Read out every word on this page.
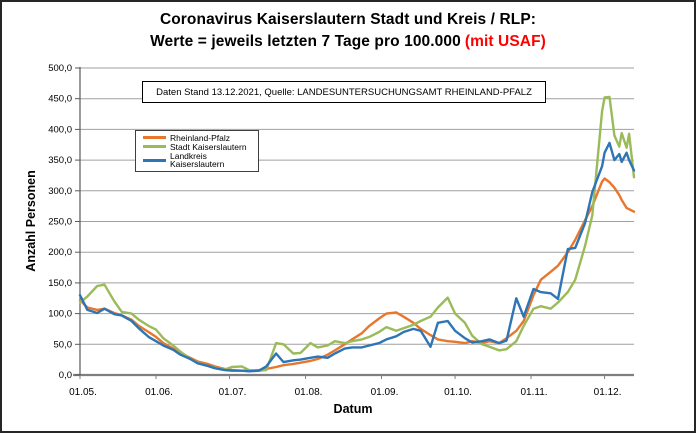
Coronavirus Kaiserslautern Stadt und Kreis / RLP:
Werte = jeweils letzten 7 Tage pro 100.000 (mit USAF)
500,0
450,0
400,0
350,0
300,0
250,0
200,0
150,0
100,0
50,0
0,0
01.05.	01.06.	01.07.	01.08.	01.09.	01.10.	01.11.	01.12.
Daten Stand 13.12.2021, Quelle: LANDESUNTERSUCHUNGSAMT RHEINLAND-PFALZ
Rheinland-Pfalz
Stadt Kaiserslautern
Landkreis Kaiserslautern
Anzahl Personen
Datum
